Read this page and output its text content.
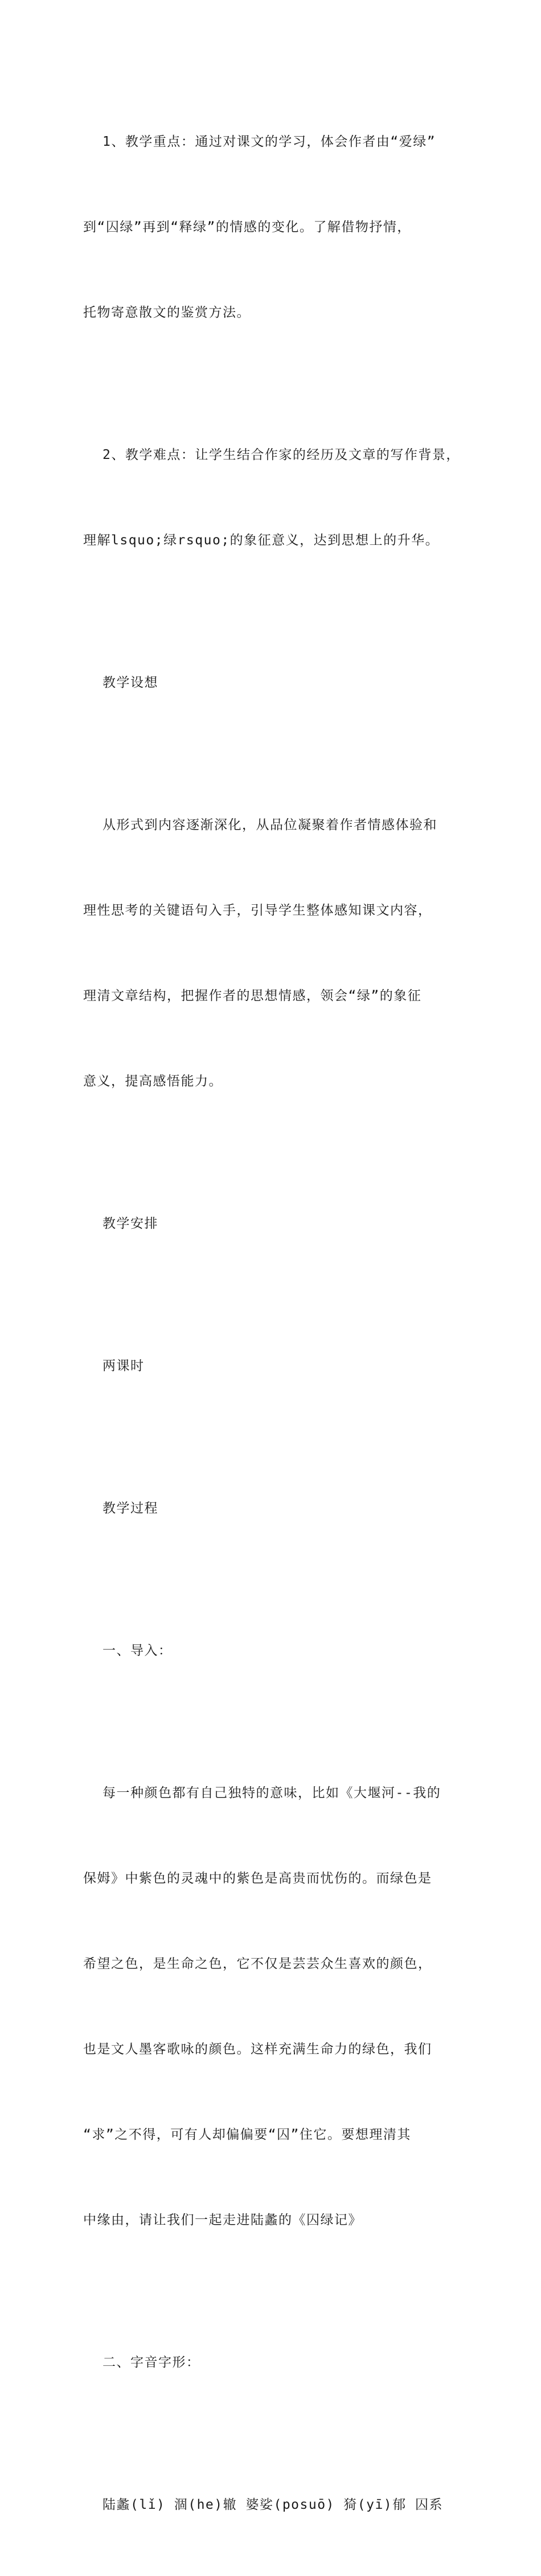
1、教学重点：通过对课文的学习，体会作者由“爱绿”

到“囚绿”再到“释绿”的情感的变化。了解借物抒情，

托物寄意散文的鉴赏方法。

2、教学难点：让学生结合作家的经历及文章的写作背景，

理解lsquo;绿rsquo;的象征意义，达到思想上的升华。

教学设想

从形式到内容逐渐深化，从品位凝聚着作者情感体验和

理性思考的关键语句入手，引导学生整体感知课文内容，

理清文章结构，把握作者的思想情感，领会“绿”的象征

意义，提高感悟能力。

教学安排

两课时

教学过程

一、导入：

每一种颜色都有自己独特的意味，比如《大堰河--我的

保姆》中紫色的灵魂中的紫色是高贵而忧伤的。而绿色是

希望之色，是生命之色，它不仅是芸芸众生喜欢的颜色，

也是文人墨客歌咏的颜色。这样充满生命力的绿色，我们

“求”之不得，可有人却偏偏要“囚”住它。要想理清其

中缘由，请让我们一起走进陆蠡的《囚绿记》

二、字音字形：

陆蠡(lǐ) 涸(he)辙 婆娑(posuō) 猗(yī)郁 囚系
